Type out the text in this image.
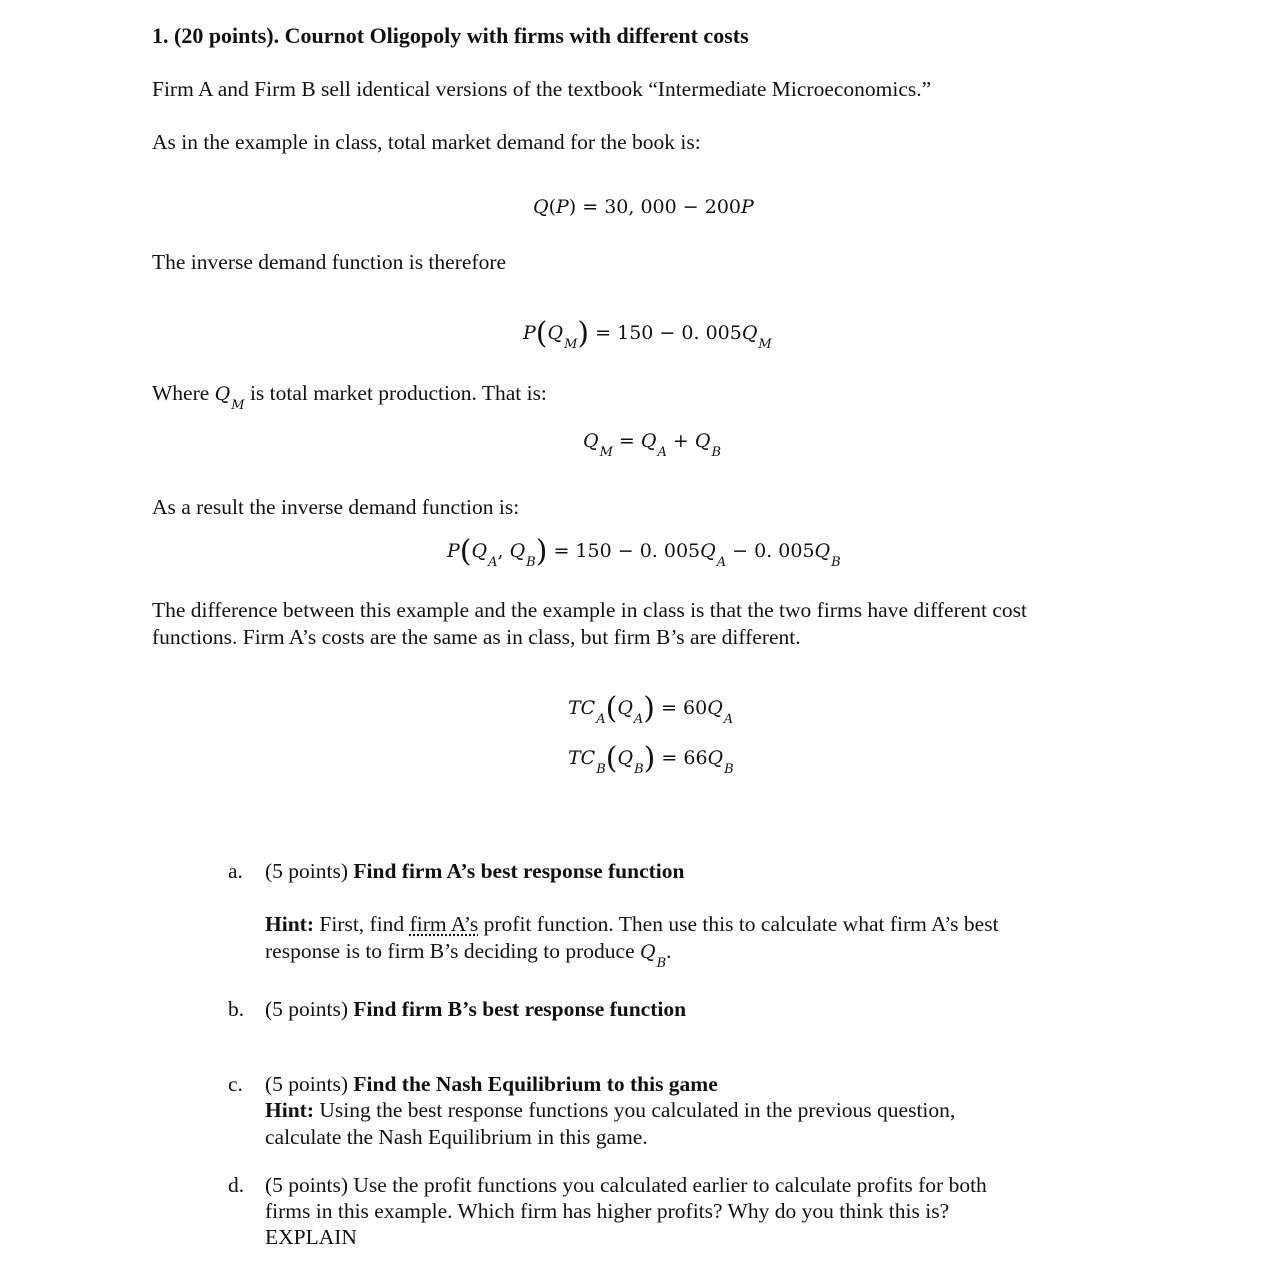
1. (20 points). Cournot Oligopoly with firms with different costs
Firm A and Firm B sell identical versions of the textbook “Intermediate Microeconomics.”
As in the example in class, total market demand for the book is:
Q(P) = 30, 000 − 200P
The inverse demand function is therefore
$P(Q_M) = 150 - 0$. $005Q_M$
Where $Q_M$ is total market production. That is:
$Q_M = Q_A + Q_B$
As a result the inverse demand function is:
$P(Q_A$, $Q_B) = 150 - 0$. $005Q_A - 0$. $005Q_B$
The difference between this example and the example in class is that the two firms have different cost
functions. Firm A’s costs are the same as in class, but firm B’s are different.
$TC_A(Q_A) = 60Q_A$
$TC_B(Q_B) = 66Q_B$
a. (5 points) Find firm A’s best response function
Hint: First, find firm A’s profit function. Then use this to calculate what firm A’s best
response is to firm B’s deciding to produce $Q_B$.
b. (5 points) Find firm B’s best response function
c. (5 points) Find the Nash Equilibrium to this game
Hint: Using the best response functions you calculated in the previous question,
calculate the Nash Equilibrium in this game.
d. (5 points) Use the profit functions you calculated earlier to calculate profits for both
firms in this example. Which firm has higher profits? Why do you think this is?
EXPLAIN
